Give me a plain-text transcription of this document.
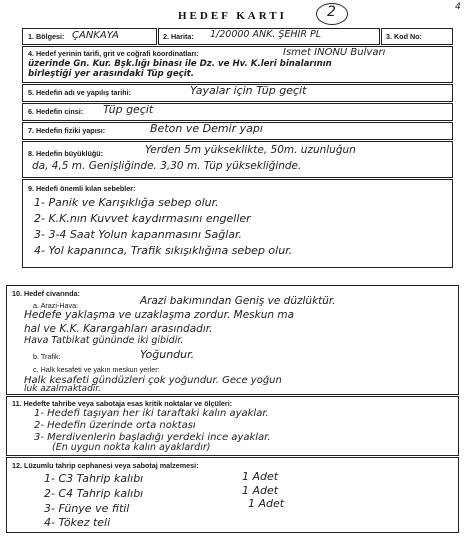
HEDEF KARTI	2	4
1. Bölgesi: ÇANKAYA	2. Harita: 1/20000 ANK. ŞEHİR PL	3. Kod No:
4. Hedef yerinin tarifi, grit ve coğrafi koordinatları:	İsmet İNÖNÜ Bulvarı
üzerinde Gn. Kur. Bşk.lığı binası ile Dz. ve Hv. K.leri binalarının
birleştiği yer arasındaki Tüp geçit.
5. Hedefin adı ve yapılış tarihi:	Yayalar için Tüp geçit
6. Hedefin cinsi: Tüp geçit
7. Hedefin fiziki yapısı:	Beton ve Demir yapı
8. Hedefin büyüklüğü:	Yerden 5m yükseklikte, 50m. uzunluğun
da, 4,5 m. Genişliğinde. 3,30 m. Tüp yüksekliğinde.
9. Hedefi önemli kılan sebebler:
1- Panik ve Karışıklığa sebep olur.
2- K.K.nın Kuvvet kaydırmasını engeller
3- 3-4 Saat Yolun kapanmasını Sağlar.
4- Yol kapanınca, Trafik sıkışıklığına sebep olur.
10. Hedef civarında:
a. Arazi-Hava:	Arazi bakımından Geniş ve düzlüktür.
Hedefe yaklaşma ve uzaklaşma zordur. Meskun ma
hal ve K.K. Karargahları arasındadır.
Hava Tatbikat gününde iki gibidir.
b. Trafik:	Yoğundur.
c. Halk kesafeti ve yakın meskun yerler:
Halk kesafeti gündüzleri çok yoğundur. Gece yoğun
luk azalmaktadır.
11. Hedefte tahribe veya sabotaja esas kritik noktalar ve ölçüleri:
1- Hedefi taşıyan her iki taraftaki kalın ayaklar.
2- Hedefin üzerinde orta noktası
3- Merdivenlerin başladığı yerdeki ince ayaklar.
(En uygun nokta kalın ayaklardır)
12. Lüzumlu tahrip cephanesi veya sabotaj malzemesi:
1- C3 Tahrip kalıbı	1 Adet
2- C4 Tahrip kalıbı	1 Adet
3- Fünye ve fitil	1 Adet
4- Tökez teli
